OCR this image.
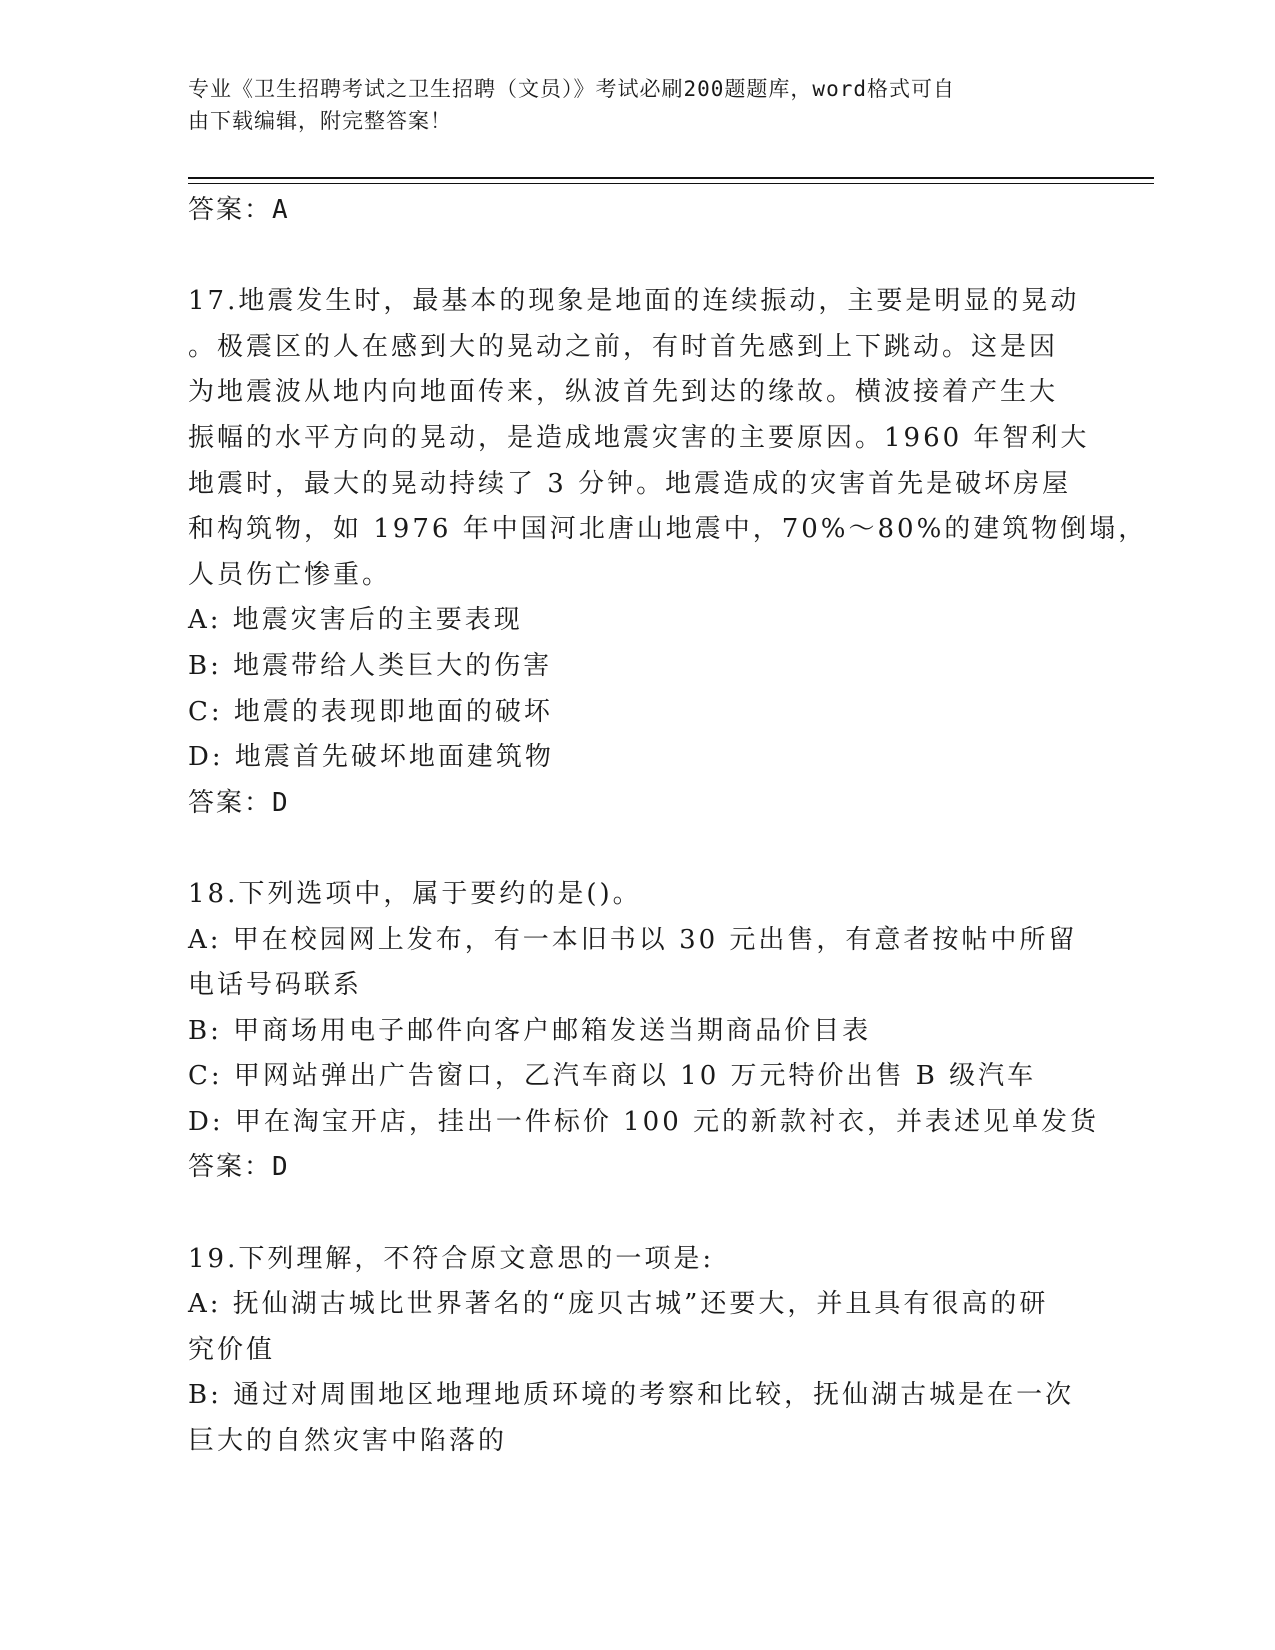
专业《卫生招聘考试之卫生招聘（文员）》考试必刷200题题库，word格式可自
由下载编辑，附完整答案！
答案：A
17.地震发生时，最基本的现象是地面的连续振动，主要是明显的晃动
。极震区的人在感到大的晃动之前，有时首先感到上下跳动。这是因
为地震波从地内向地面传来，纵波首先到达的缘故。横波接着产生大
振幅的水平方向的晃动，是造成地震灾害的主要原因。1960 年智利大
地震时，最大的晃动持续了 3 分钟。地震造成的灾害首先是破坏房屋
和构筑物，如 1976 年中国河北唐山地震中，70%～80%的建筑物倒塌，
人员伤亡惨重。
A: 地震灾害后的主要表现
B: 地震带给人类巨大的伤害
C: 地震的表现即地面的破坏
D: 地震首先破坏地面建筑物
答案：D
18.下列选项中，属于要约的是()。
A: 甲在校园网上发布，有一本旧书以 30 元出售，有意者按帖中所留
电话号码联系
B: 甲商场用电子邮件向客户邮箱发送当期商品价目表
C: 甲网站弹出广告窗口，乙汽车商以 10 万元特价出售 B 级汽车
D: 甲在淘宝开店，挂出一件标价 100 元的新款衬衣，并表述见单发货
答案：D
19.下列理解，不符合原文意思的一项是:
A: 抚仙湖古城比世界著名的“庞贝古城”还要大，并且具有很高的研
究价值
B: 通过对周围地区地理地质环境的考察和比较，抚仙湖古城是在一次
巨大的自然灾害中陷落的
